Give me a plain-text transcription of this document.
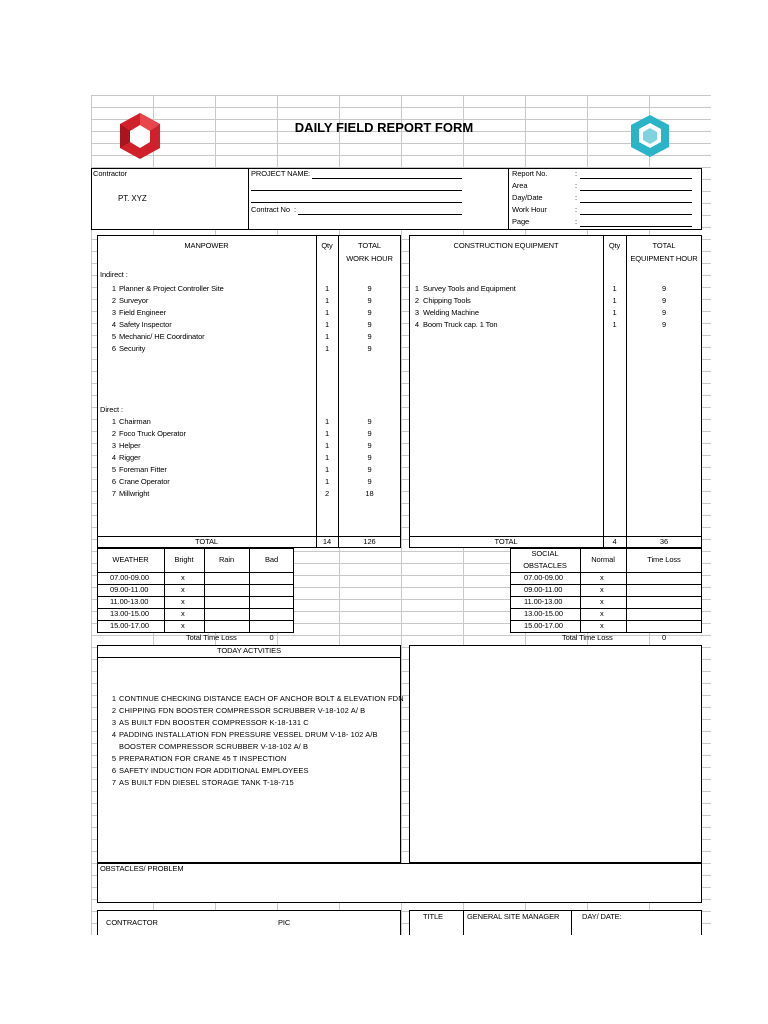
DAILY FIELD REPORT FORM
Contractor
PT. XYZ
PROJECT NAME
Contract No
Report No.
Area
Day/Date
Work Hour
Page
MANPOWER	Qty	TOTAL
WORK HOUR
Indirect :
1 Planner & Project Controller Site	1	9
2 Surveyor	1	9
3 Field Engineer	1	9
4 Safety Inspector	1	9
5 Mechanic/ HE Coordinator	1	9
6 Security	1	9
Direct :
1 Chairman	1	9
2 Foco Truck Operator	1	9
3 Helper	1	9
4 Rigger	1	9
5 Foreman Fitter	1	9
6 Crane Operator	1	9
7 Millwright	2	18
TOTAL	14	126
CONSTRUCTION EQUIPMENT	Qty	TOTAL
EQUIPMENT HOUR
1 Survey Tools and Equipment	1	9
2 Chipping Tools	1	9
3 Welding Machine	1	9
4 Boom Truck cap. 1 Ton	1	9
TOTAL	4	36
WEATHER	Bright	Rain	Bad
07.00-09.00	x
09.00-11.00	x
11.00-13.00	x
13.00-15.00	x
15.00-17.00	x
Total Time Loss	0
SOCIAL
OBSTACLES
Normal	Time Loss
07.00-09.00	x
09.00-11.00	x
11.00-13.00	x
13.00-15.00	x
15.00-17.00	x
Total Time Loss	0
TODAY ACTVITIES
1 CONTINUE CHECKING DISTANCE EACH OF ANCHOR BOLT & ELEVATION FDN
2 CHIPPING FDN BOOSTER COMPRESSOR SCRUBBER V-18-102 A/ B
3 AS BUILT FDN BOOSTER COMPRESSOR K-18-131 C
4 PADDING INSTALLATION FDN PRESSURE VESSEL DRUM V-18- 102 A/B
BOOSTER COMPRESSOR SCRUBBER V-18-102 A/ B
5 PREPARATION FOR CRANE 45 T INSPECTION
6 SAFETY INDUCTION FOR ADDITIONAL EMPLOYEES
7 AS BUILT FDN DIESEL STORAGE TANK T-18-715
OBSTACLES/ PROBLEM
CONTRACTOR	PIC
TITLE	GENERAL SITE MANAGER	DAY/ DATE:
:
:
:
:
:
:
:
